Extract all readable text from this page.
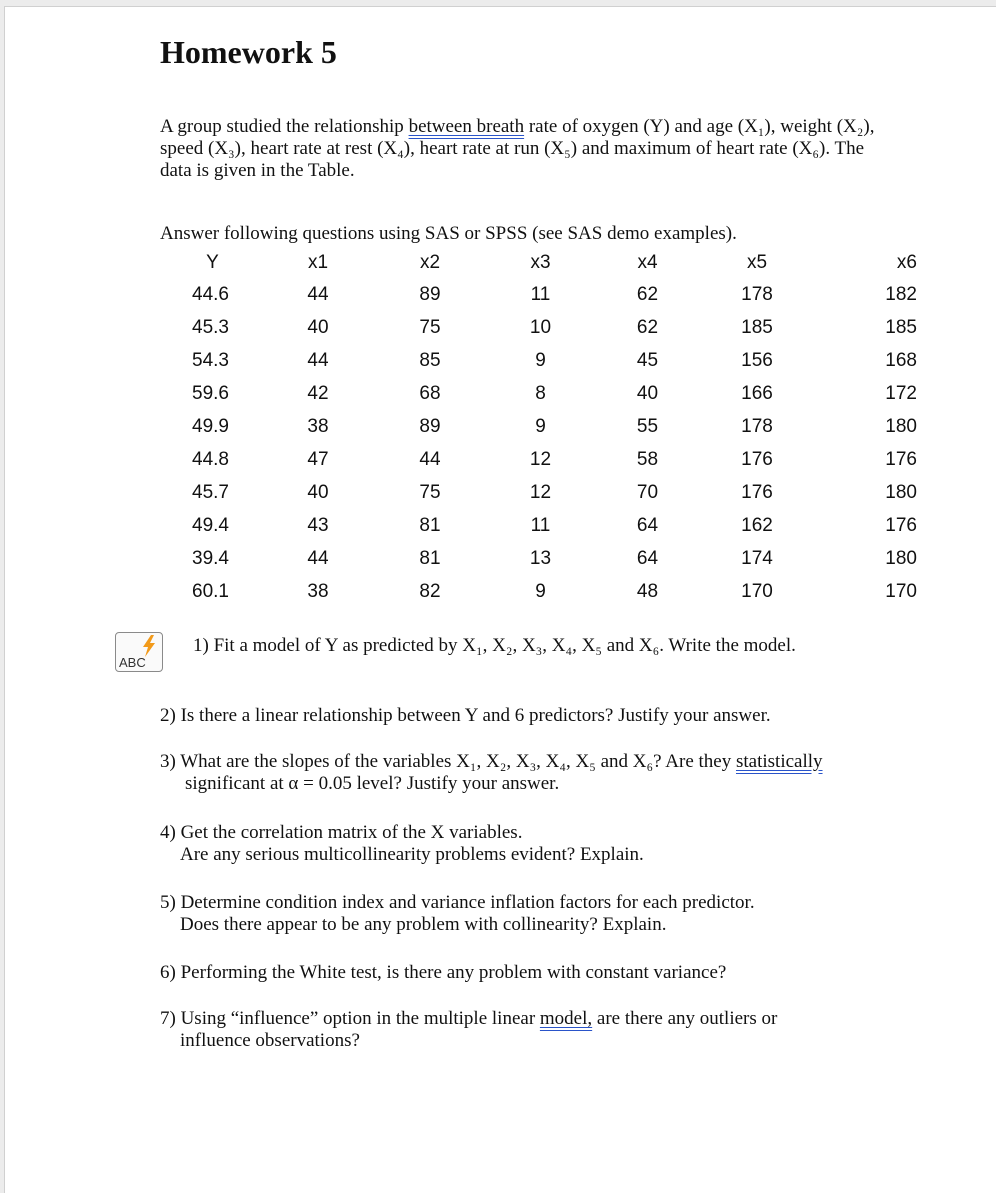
Homework 5

A group studied the relationship between breath rate of oxygen (Y) and age (X₁), weight (X₂), speed (X₃), heart rate at rest (X₄), heart rate at run (X₅) and maximum of heart rate (X₆). The data is given in the Table.

Answer following questions using SAS or SPSS (see SAS demo examples).

Y	x1	x2	x3	x4	x5	x6
44.6	44	89	11	62	178	182
45.3	40	75	10	62	185	185
54.3	44	85	9	45	156	168
59.6	42	68	8	40	166	172
49.9	38	89	9	55	178	180
44.8	47	44	12	58	176	176
45.7	40	75	12	70	176	180
49.4	43	81	11	64	162	176
39.4	44	81	13	64	174	180
60.1	38	82	9	48	170	170
ABC

1) Fit a model of Y as predicted by X₁, X₂, X₃, X₄, X₅ and X₆. Write the model.

2) Is there a linear relationship between Y and 6 predictors? Justify your answer.

3) What are the slopes of the variables X₁, X₂, X₃, X₄, X₅ and X₆? Are they statistically
significant at α = 0.05 level? Justify your answer.

4) Get the correlation matrix of the X variables.
Are any serious multicollinearity problems evident? Explain.

5) Determine condition index and variance inflation factors for each predictor.
Does there appear to be any problem with collinearity? Explain.

6) Performing the White test, is there any problem with constant variance?

7) Using “influence” option in the multiple linear model, are there any outliers or
influence observations?
